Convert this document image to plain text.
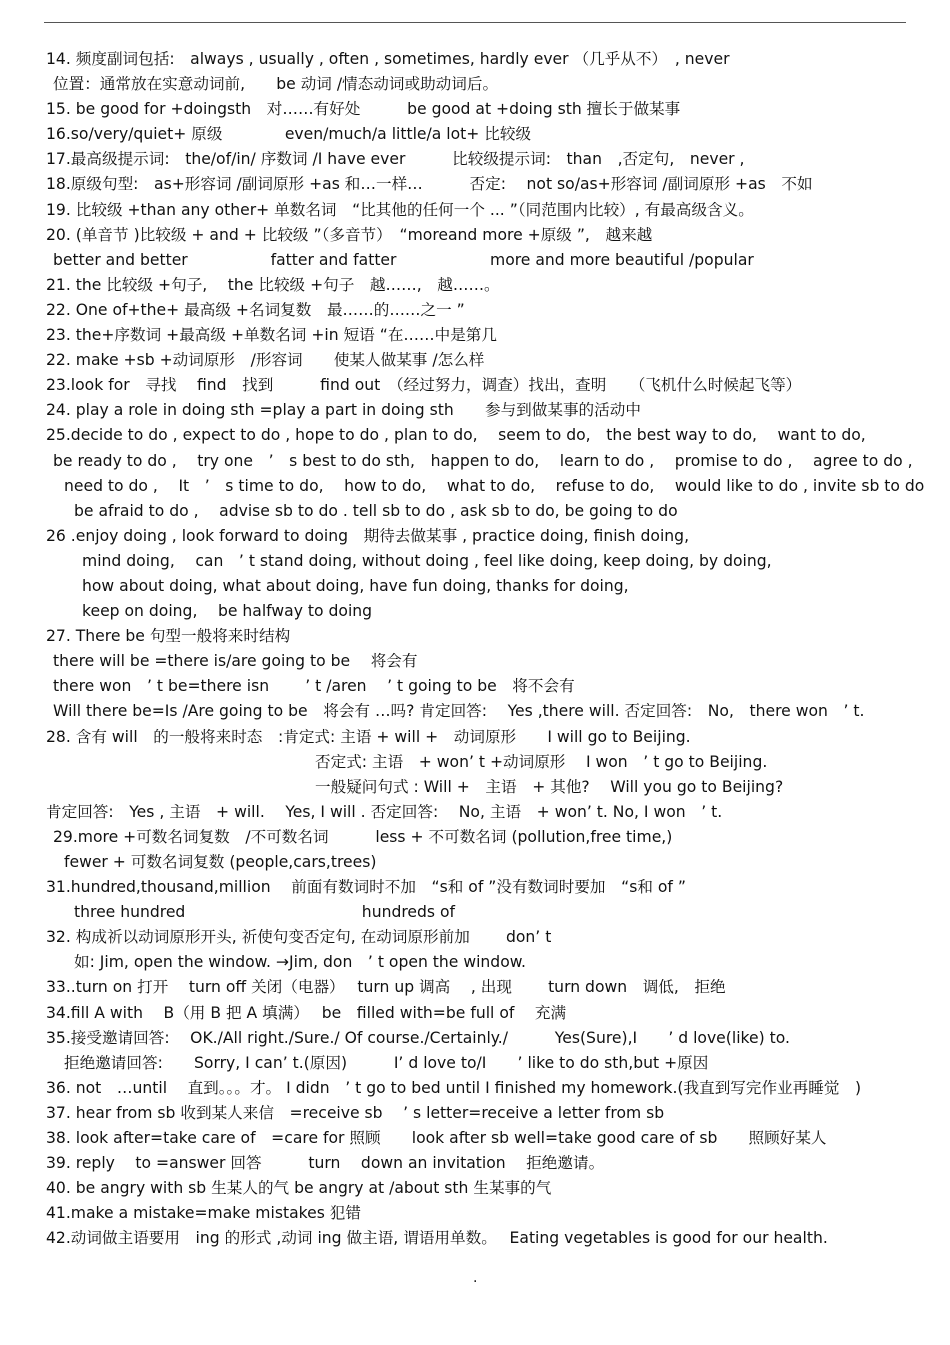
14. 频度副词包括:　always , usually , often , sometimes, hardly ever （几乎从不）　, never
位置：通常放在实意动词前,　　be 动词 /情态动词或助动词后。
15. be good for +doingsth　对……有好处　　　be good at +doing sth 擅长于做某事
16.so/very/quiet+ 原级　　　　even/much/a little/a lot+ 比较级
17.最高级提示词:　the/of/in/ 序数词 /I have ever　　　比较级提示词:　than　,否定句,　never ,
18.原级句型:　as+形容词 /副词原形 +as 和…一样…　　　否定:　 not so/as+形容词 /副词原形 +as　不如
19. 比较级 +than any other+ 单数名词　“比其他的任何一个 ... ”（同范围内比较）, 有最高级含义。
20. (单音节 )比较级 + and + 比较级 ”（多音节）　“moreand more +原级 ”,　越来越
better and better　　　　　 fatter and fatter　　　　　　more and more beautiful /popular
21. the 比较级 +句子,　 the 比较级 +句子　越……,　越……。
22. One of+the+ 最高级 +名词复数　最……的……之一 ”
23. the+序数词 +最高级 +单数名词 +in 短语 “在……中是第几
22. make +sb +动词原形　/形容词　　使某人做某事 /怎么样
23.look for　寻找　 find　找到　　　find out　（经过努力，调查）找出，查明　　（飞机什么时候起飞等）
24. play a role in doing sth =play a part in doing sth　　参与到做某事的活动中
25.decide to do , expect to do , hope to do , plan to do,　 seem to do,　the best way to do,　 want to do,
be ready to do ,　 try one　’　s best to do sth,　happen to do,　 learn to do ,　 promise to do ,　 agree to do ,
need to do ,　 It　’　s time to do,　 how to do,　 what to do,　 refuse to do,　 would like to do , invite sb to do
be afraid to do ,　 advise sb to do . tell sb to do , ask sb to do, be going to do
26 .enjoy doing , look forward to doing　期待去做某事 , practice doing, finish doing,
mind doing,　 can　’ t stand doing, without doing , feel like doing, keep doing, by doing,
how about doing, what about doing, have fun doing, thanks for doing,
keep on doing,　 be halfway to doing
27. There be 句型一般将来时结构
there will be =there is/are going to be　 将会有
there won　’ t be=there isn　　 ’ t /aren　 ’ t going to be　将不会有
Will there be=Is /Are going to be　将会有 …吗? 肯定回答:　 Yes ,there will. 否定回答:　No,　there won　’ t.
28. 含有 will　的一般将来时态　:肯定式: 主语 + will +　动词原形　　I will go to Beijing.
否定式: 主语　+ won’ t +动词原形　 I won　’ t go to Beijing.
一般疑问句式 : Will +　主语　+ 其他?　 Will you go to Beijing?
肯定回答:　Yes , 主语　+ will.　 Yes, I will . 否定回答:　 No, 主语　+ won’ t. No, I won　’ t.
29.more +可数名词复数　/不可数名词　　　less + 不可数名词 (pollution,free time,)
fewer + 可数名词复数 (people,cars,trees)
31.hundred,thousand,million　 前面有数词时不加　“s和 of ”没有数词时要加　“s和 of ”
three hundred　　　　　　　　　　　 hundreds of
32. 构成祈以动词原形开头, 祈使句变否定句, 在动词原形前加　　 don’ t
如: Jim, open the window. →Jim, don　’ t open the window.
33..turn on 打开　 turn off 关闭（电器）　 turn up 调高　 , 出现　　 turn down　调低,　拒绝
34.fill A with　 B（用 B 把 A 填满）　 be　filled with=be full of　 充满
35.接受邀请回答:　 OK./All right./Sure./ Of course./Certainly./　　　Yes(Sure),I　　’ d love(like) to.
拒绝邀请回答:　　Sorry, I can’ t.(原因)　　　I’ d love to/I　　’ like to do sth,but +原因
36. not　…until　 直到。。。才。 I didn　’ t go to bed until I finished my homework.(我直到写完作业再睡觉　)
37. hear from sb 收到某人来信　=receive sb　 ’ s letter=receive a letter from sb
38. look after=take care of　=care for 照顾　　look after sb well=take good care of sb　　照顾好某人
39. reply　 to =answer 回答　　　turn　 down an invitation　 拒绝邀请。
40. be angry with sb 生某人的气 be angry at /about sth 生某事的气
41.make a mistake=make mistakes 犯错
42.动词做主语要用　ing 的形式 ,动词 ing 做主语, 谓语用单数。　 Eating vegetables is good for our health.
.
